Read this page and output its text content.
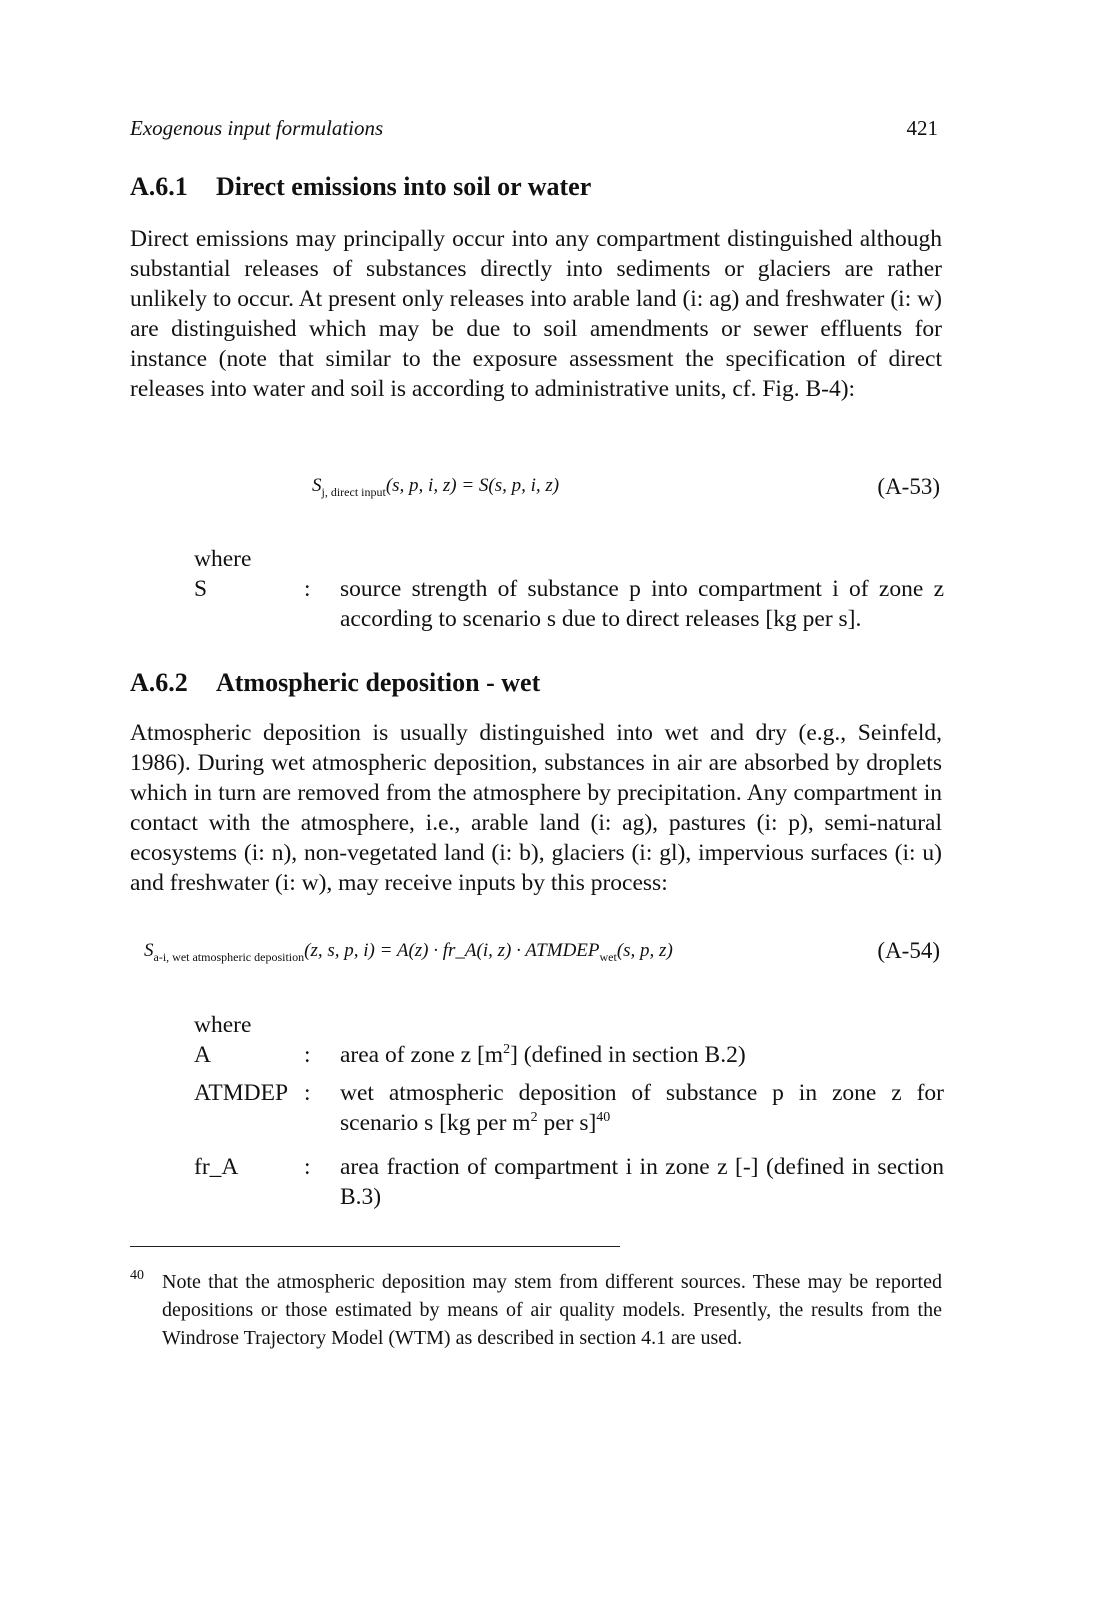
Exogenous input formulations	421
A.6.1 Direct emissions into soil or water
Direct emissions may principally occur into any compartment distinguished although substantial releases of substances directly into sediments or glaciers are rather unlikely to occur. At present only releases into arable land (i: ag) and freshwater (i: w) are distinguished which may be due to soil amendments or sewer effluents for instance (note that similar to the exposure assessment the specification of direct releases into water and soil is according to administrative units, cf. Fig. B-4):
$S_{j, direct input}(s$, p, i, z) = S(s, p, i, z)	(A-53)
where
S	:	source strength of substance p into compartment i of zone z according to scenario s due to direct releases [kg per s].
A.6.2 Atmospheric deposition - wet
Atmospheric deposition is usually distinguished into wet and dry (e.g., Seinfeld, 1986). During wet atmospheric deposition, substances in air are absorbed by droplets which in turn are removed from the atmosphere by precipitation. Any compartment in contact with the atmosphere, i.e., arable land (i: ag), pastures (i: p), semi-natural ecosystems (i: n), non-vegetated land (i: b), glaciers (i: gl), impervious surfaces (i: u) and freshwater (i: w), may receive inputs by this process:
$S_{a-i, wet atmospheric deposition}(z$, s, p, i) = A(z) · fr_A(i, $z) \cdot ATMDEP_{wet}(s$, p, z)	(A-54)
where
A	:	area of zone z $[m^2]$ (defined in section B.2)
ATMDEP :	wet atmospheric deposition of substance p in zone z for scenario s [kg per $m^2$ per s]$^{40}$
fr_A	:	area fraction of compartment i in zone z [-] (defined in section B.3)
40 Note that the atmospheric deposition may stem from different sources. These may be reported depositions or those estimated by means of air quality models. Presently, the results from the Windrose Trajectory Model (WTM) as described in section 4.1 are used.
